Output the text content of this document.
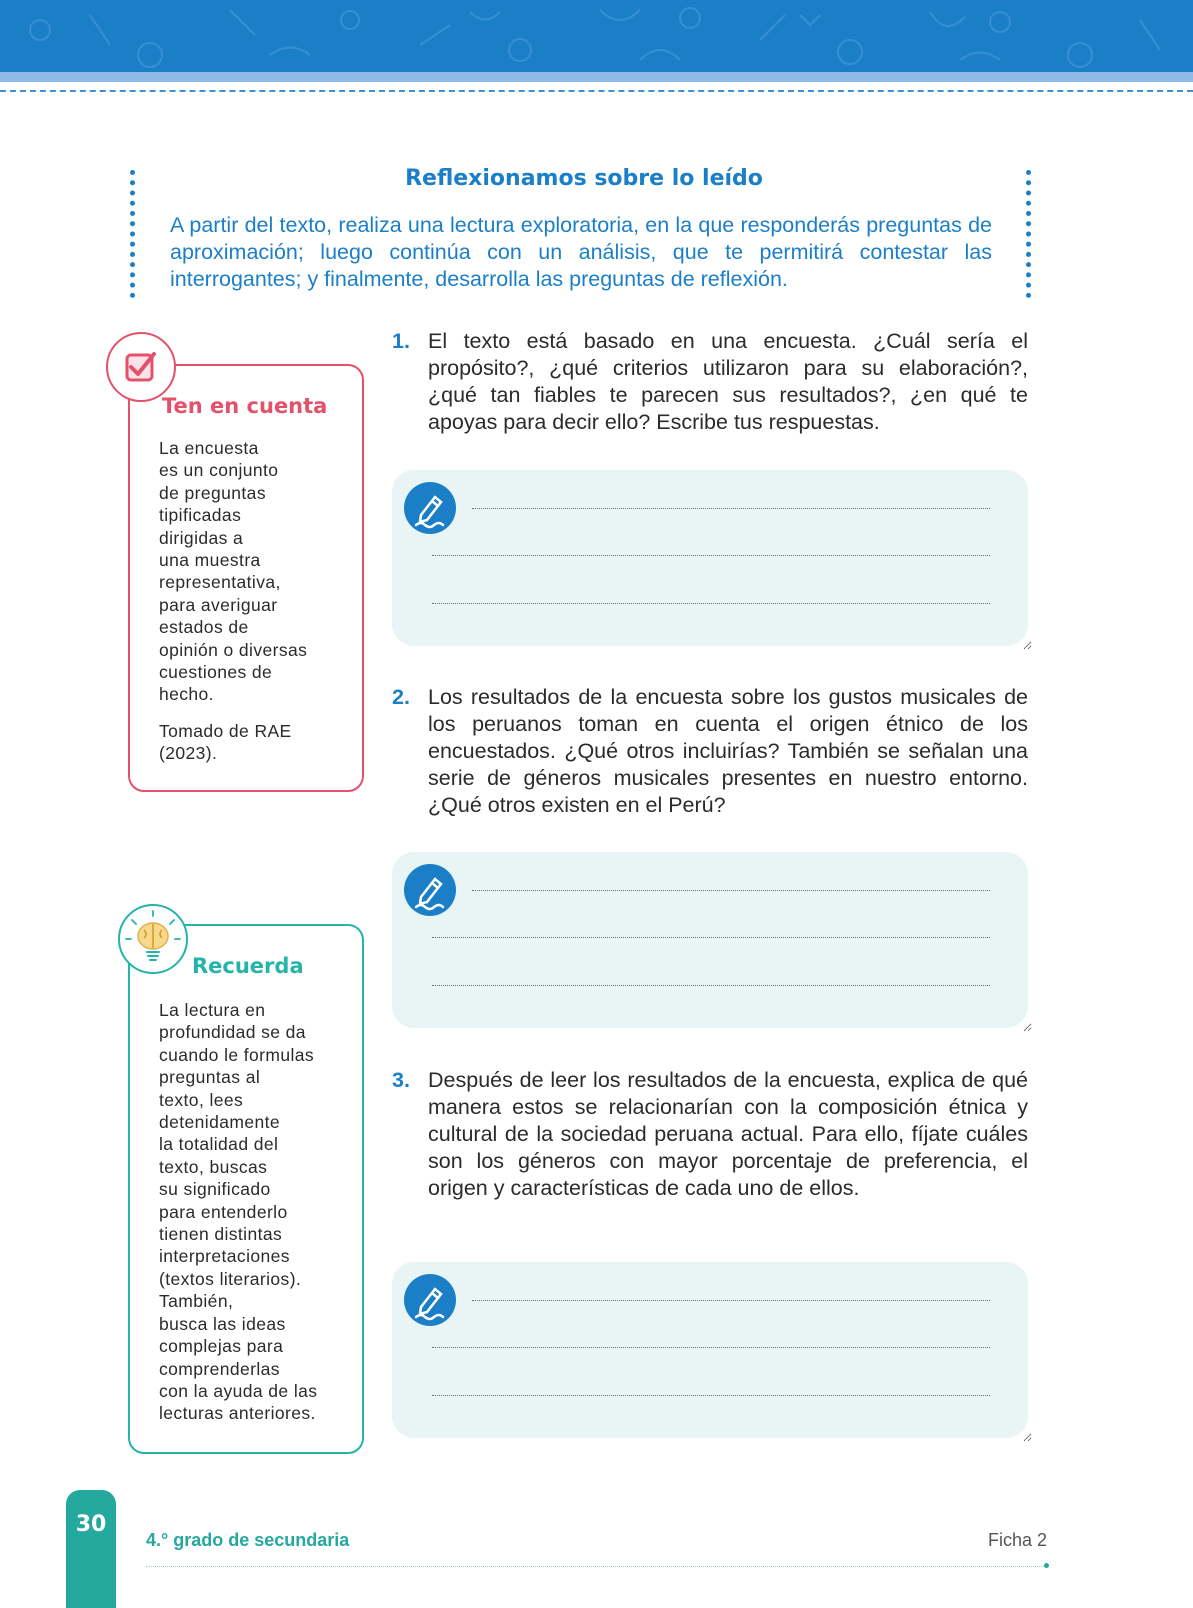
Reflexionamos sobre lo leído
A partir del texto, realiza una lectura exploratoria, en la que responderás preguntas de aproximación; luego continúa con un análisis, que te permitirá contestar las interrogantes; y finalmente, desarrolla las preguntas de reflexión.
1. El texto está basado en una encuesta. ¿Cuál sería el propósito?, ¿qué criterios utilizaron para su elaboración?, ¿qué tan fiables te parecen sus resultados?, ¿en qué te apoyas para decir ello? Escribe tus respuestas.
2. Los resultados de la encuesta sobre los gustos musicales de los peruanos toman en cuenta el origen étnico de los encuestados. ¿Qué otros incluirías? También se señalan una serie de géneros musicales presentes en nuestro entorno. ¿Qué otros existen en el Perú?
3. Después de leer los resultados de la encuesta, explica de qué manera estos se relacionarían con la composición étnica y cultural de la sociedad peruana actual. Para ello, fíjate cuáles son los géneros con mayor porcentaje de preferencia, el origen y características de cada uno de ellos.
Ten en cuenta
La encuesta
es un conjunto
de preguntas
tipificadas
dirigidas a
una muestra
representativa,
para averiguar
estados de
opinión o diversas
cuestiones de
hecho.
Tomado de RAE
(2023).
Recuerda
La lectura en
profundidad se da
cuando le formulas
preguntas al
texto, lees
detenidamente
la totalidad del
texto, buscas
su significado
para entenderlo
tienen distintas
interpretaciones
(textos literarios).
También,
busca las ideas
complejas para
comprenderlas
con la ayuda de las
lecturas anteriores.
30
4.° grado de secundaria	Ficha 2
